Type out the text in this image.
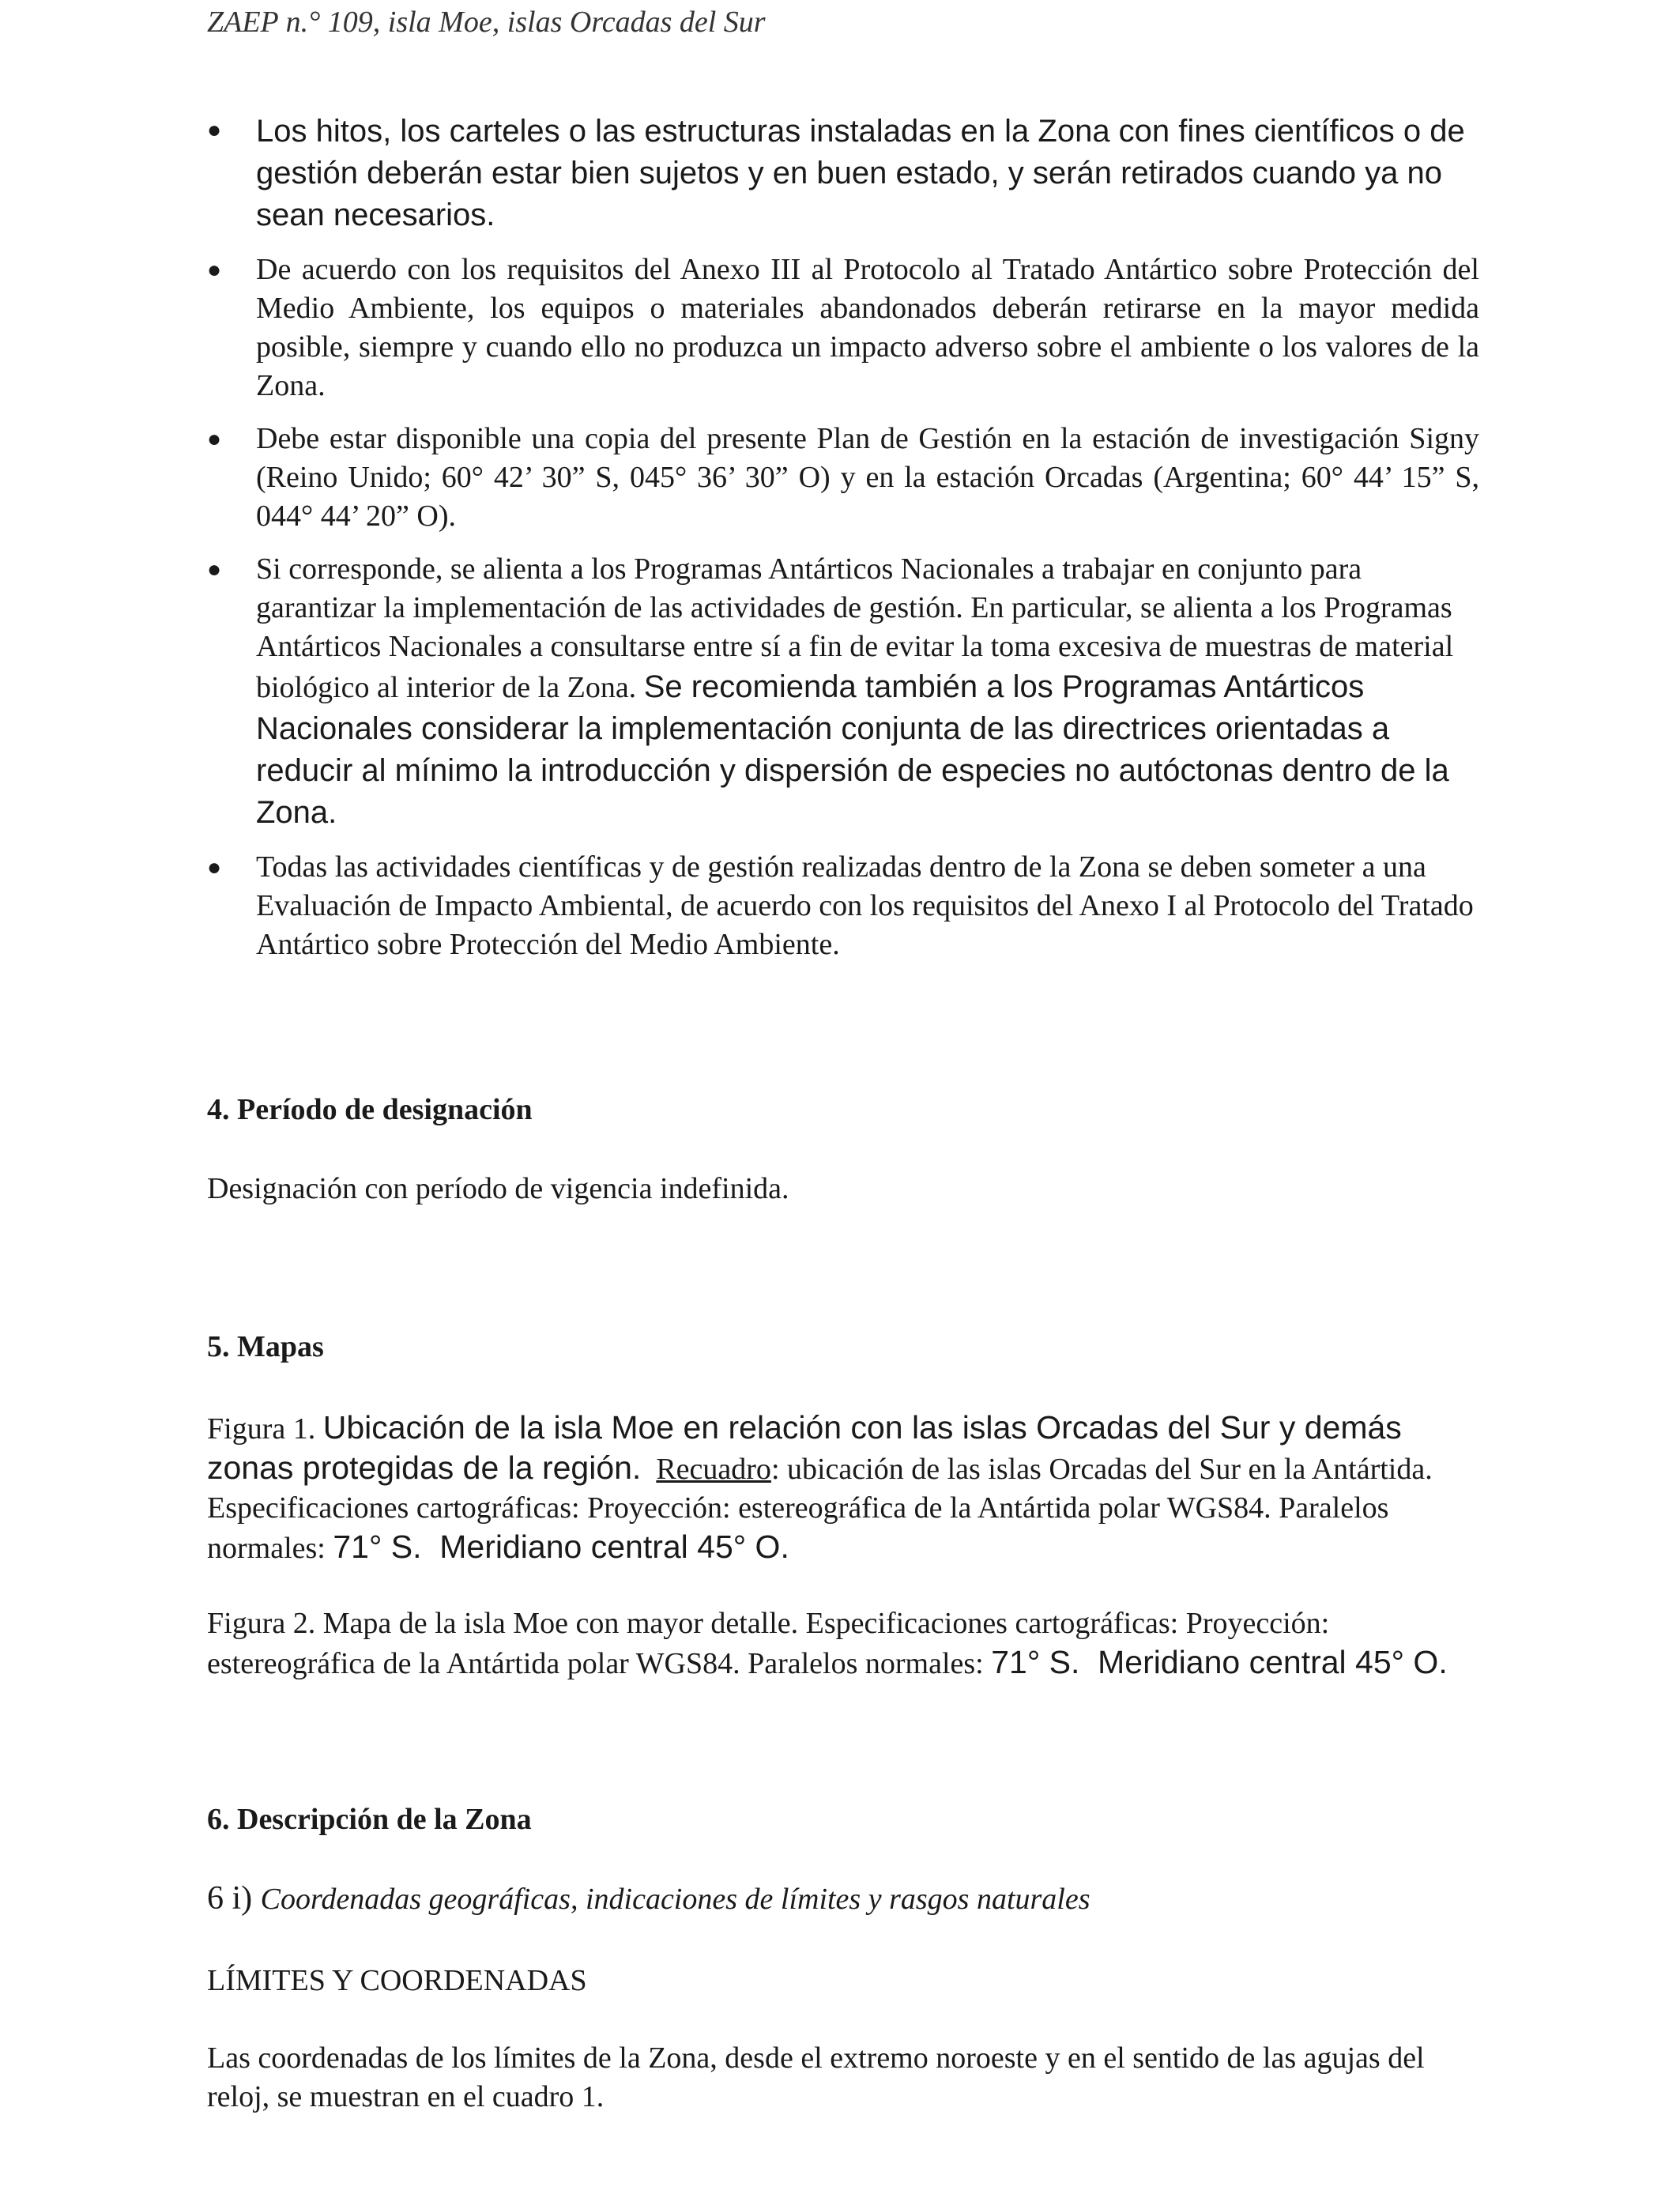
ZAEP n.° 109, isla Moe, islas Orcadas del Sur
●	Los hitos, los carteles o las estructuras instaladas en la Zona con fines científicos o de gestión deberán estar bien sujetos y en buen estado, y serán retirados cuando ya no sean necesarios.
●	De acuerdo con los requisitos del Anexo III al Protocolo al Tratado Antártico sobre Protección del Medio Ambiente, los equipos o materiales abandonados deberán retirarse en la mayor medida posible, siempre y cuando ello no produzca un impacto adverso sobre el ambiente o los valores de la Zona.
●	Debe estar disponible una copia del presente Plan de Gestión en la estación de investigación Signy (Reino Unido; 60° 42’ 30” S, 045° 36’ 30” O) y en la estación Orcadas (Argentina; 60° 44’ 15” S, 044° 44’ 20” O).
●	Si corresponde, se alienta a los Programas Antárticos Nacionales a trabajar en conjunto para garantizar la implementación de las actividades de gestión. En particular, se alienta a los Programas Antárticos Nacionales a consultarse entre sí a fin de evitar la toma excesiva de muestras de material biológico al interior de la Zona. Se recomienda también a los Programas Antárticos Nacionales considerar la implementación conjunta de las directrices orientadas a reducir al mínimo la introducción y dispersión de especies no autóctonas dentro de la Zona.
●	Todas las actividades científicas y de gestión realizadas dentro de la Zona se deben someter a una Evaluación de Impacto Ambiental, de acuerdo con los requisitos del Anexo I al Protocolo del Tratado Antártico sobre Protección del Medio Ambiente.
4. Período de designación
Designación con período de vigencia indefinida.
5. Mapas
Figura 1. Ubicación de la isla Moe en relación con las islas Orcadas del Sur y demás zonas protegidas de la región. Recuadro: ubicación de las islas Orcadas del Sur en la Antártida. Especificaciones cartográficas: Proyección: estereográfica de la Antártida polar WGS84. Paralelos normales: 71° S.  Meridiano central 45° O.
Figura 2. Mapa de la isla Moe con mayor detalle. Especificaciones cartográficas: Proyección: estereográfica de la Antártida polar WGS84. Paralelos normales: 71° S.  Meridiano central 45° O.
6. Descripción de la Zona
6 i) Coordenadas geográficas, indicaciones de límites y rasgos naturales
LÍMITES Y COORDENADAS
Las coordenadas de los límites de la Zona, desde el extremo noroeste y en el sentido de las agujas del reloj, se muestran en el cuadro 1.
